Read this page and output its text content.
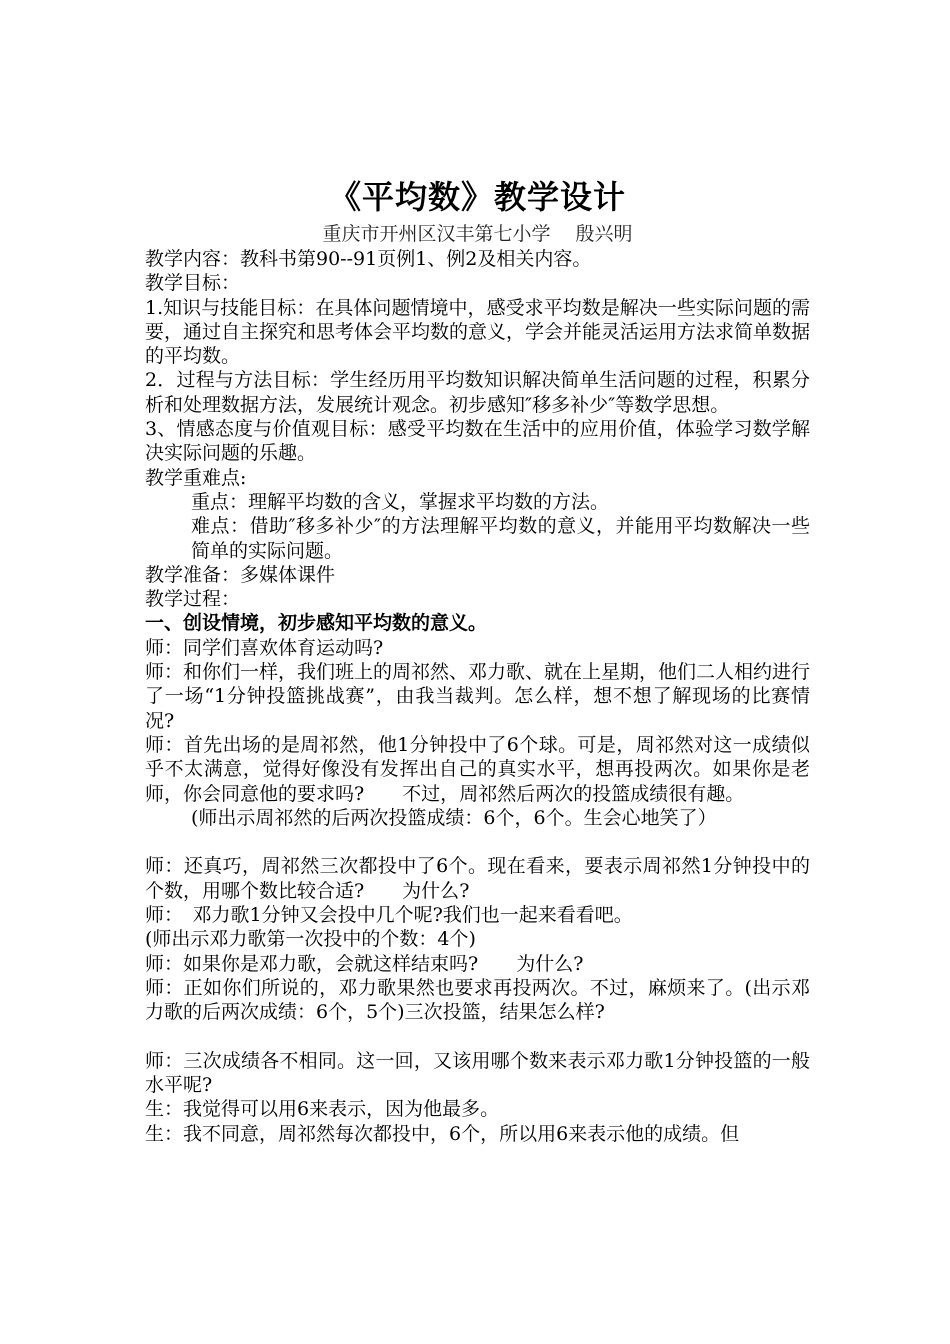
《平均数》教学设计
重庆市开州区汉丰第七小学　 殷兴明

教学内容：教科书第90--91页例1、例2及相关内容。

教学目标：

1.知识与技能目标：在具体问题情境中，感受求平均数是解决一些实际问题的需要，通过自主探究和思考体会平均数的意义，学会并能灵活运用方法求简单数据的平均数。

2．过程与方法目标：学生经历用平均数知识解决简单生活问题的过程，积累分析和处理数据方法，发展统计观念。初步感知″移多补少″等数学思想。

3、情感态度与价值观目标：感受平均数在生活中的应用价值，体验学习数学解决实际问题的乐趣。

教学重难点:

重点：理解平均数的含义，掌握求平均数的方法。

难点：借助″移多补少″的方法理解平均数的意义，并能用平均数解决一些简单的实际问题。

教学准备：多媒体课件

教学过程：

一、创设情境，初步感知平均数的意义。

师：同学们喜欢体育运动吗?

师：和你们一样，我们班上的周祁然、邓力歌、就在上星期，他们二人相约进行了一场“1分钟投篮挑战赛”，由我当裁判。怎么样，想不想了解现场的比赛情况?

师：首先出场的是周祁然，他1分钟投中了6个球。可是，周祁然对这一成绩似乎不太满意，觉得好像没有发挥出自己的真实水平，想再投两次。如果你是老师，你会同意他的要求吗?　　不过，周祁然后两次的投篮成绩很有趣。

(师出示周祁然的后两次投篮成绩：6个，6个。生会心地笑了）

师：还真巧，周祁然三次都投中了6个。现在看来，要表示周祁然1分钟投中的个数，用哪个数比较合适?　　为什么?

师：　邓力歌1分钟又会投中几个呢?我们也一起来看看吧。

(师出示邓力歌第一次投中的个数：4个)

师：如果你是邓力歌，会就这样结束吗?　　为什么?

师：正如你们所说的，邓力歌果然也要求再投两次。不过，麻烦来了。(出示邓力歌的后两次成绩：6个，5个)三次投篮，结果怎么样?

师：三次成绩各不相同。这一回，又该用哪个数来表示邓力歌1分钟投篮的一般水平呢?

生：我觉得可以用6来表示，因为他最多。

生：我不同意，周祁然每次都投中，6个，所以用6来表示他的成绩。但
